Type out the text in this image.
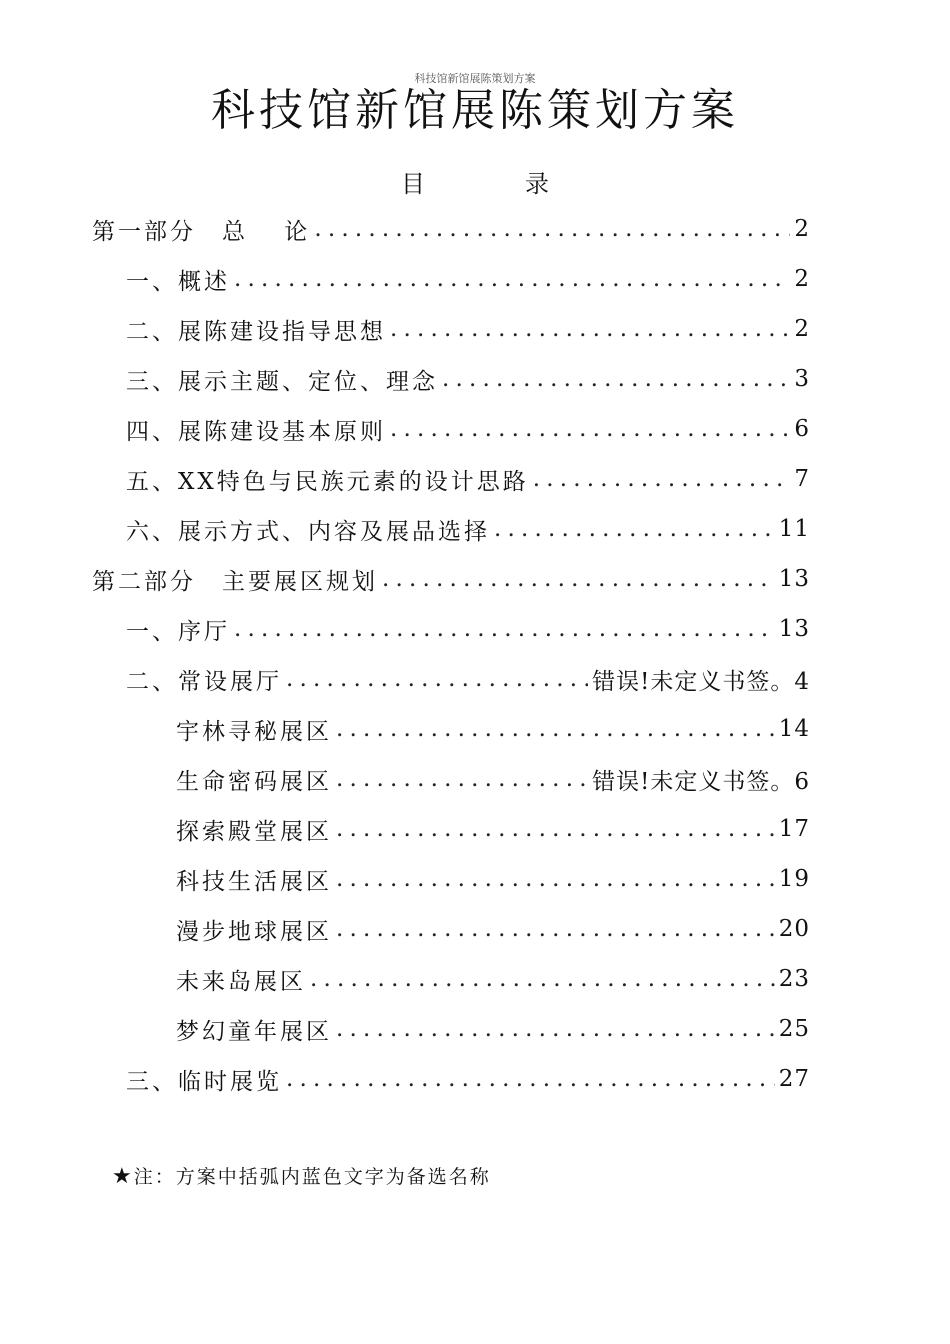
科技馆新馆展陈策划方案
科技馆新馆展陈策划方案
目	录
第一部分　总　 论 .....	2
一、概述 .....	2
二、展陈建设指导思想 .....	2
三、展示主题、定位、理念 .....	3
四、展陈建设基本原则 .....	6
五、XX特色与民族元素的设计思路 .....	7
六、展示方式、内容及展品选择 .....	11
第二部分　主要展区规划 .....	13
一、序厅 .....	13
二、常设展厅 .....	错误!未定义书签。4
宇林寻秘展区 .....	14
生命密码展区 .....	错误!未定义书签。6
探索殿堂展区 .....	17
科技生活展区 .....	19
漫步地球展区 .....	20
未来岛展区 .....	23
梦幻童年展区 .....	25
三、临时展览 .....	27
★注：方案中括弧内蓝色文字为备选名称
